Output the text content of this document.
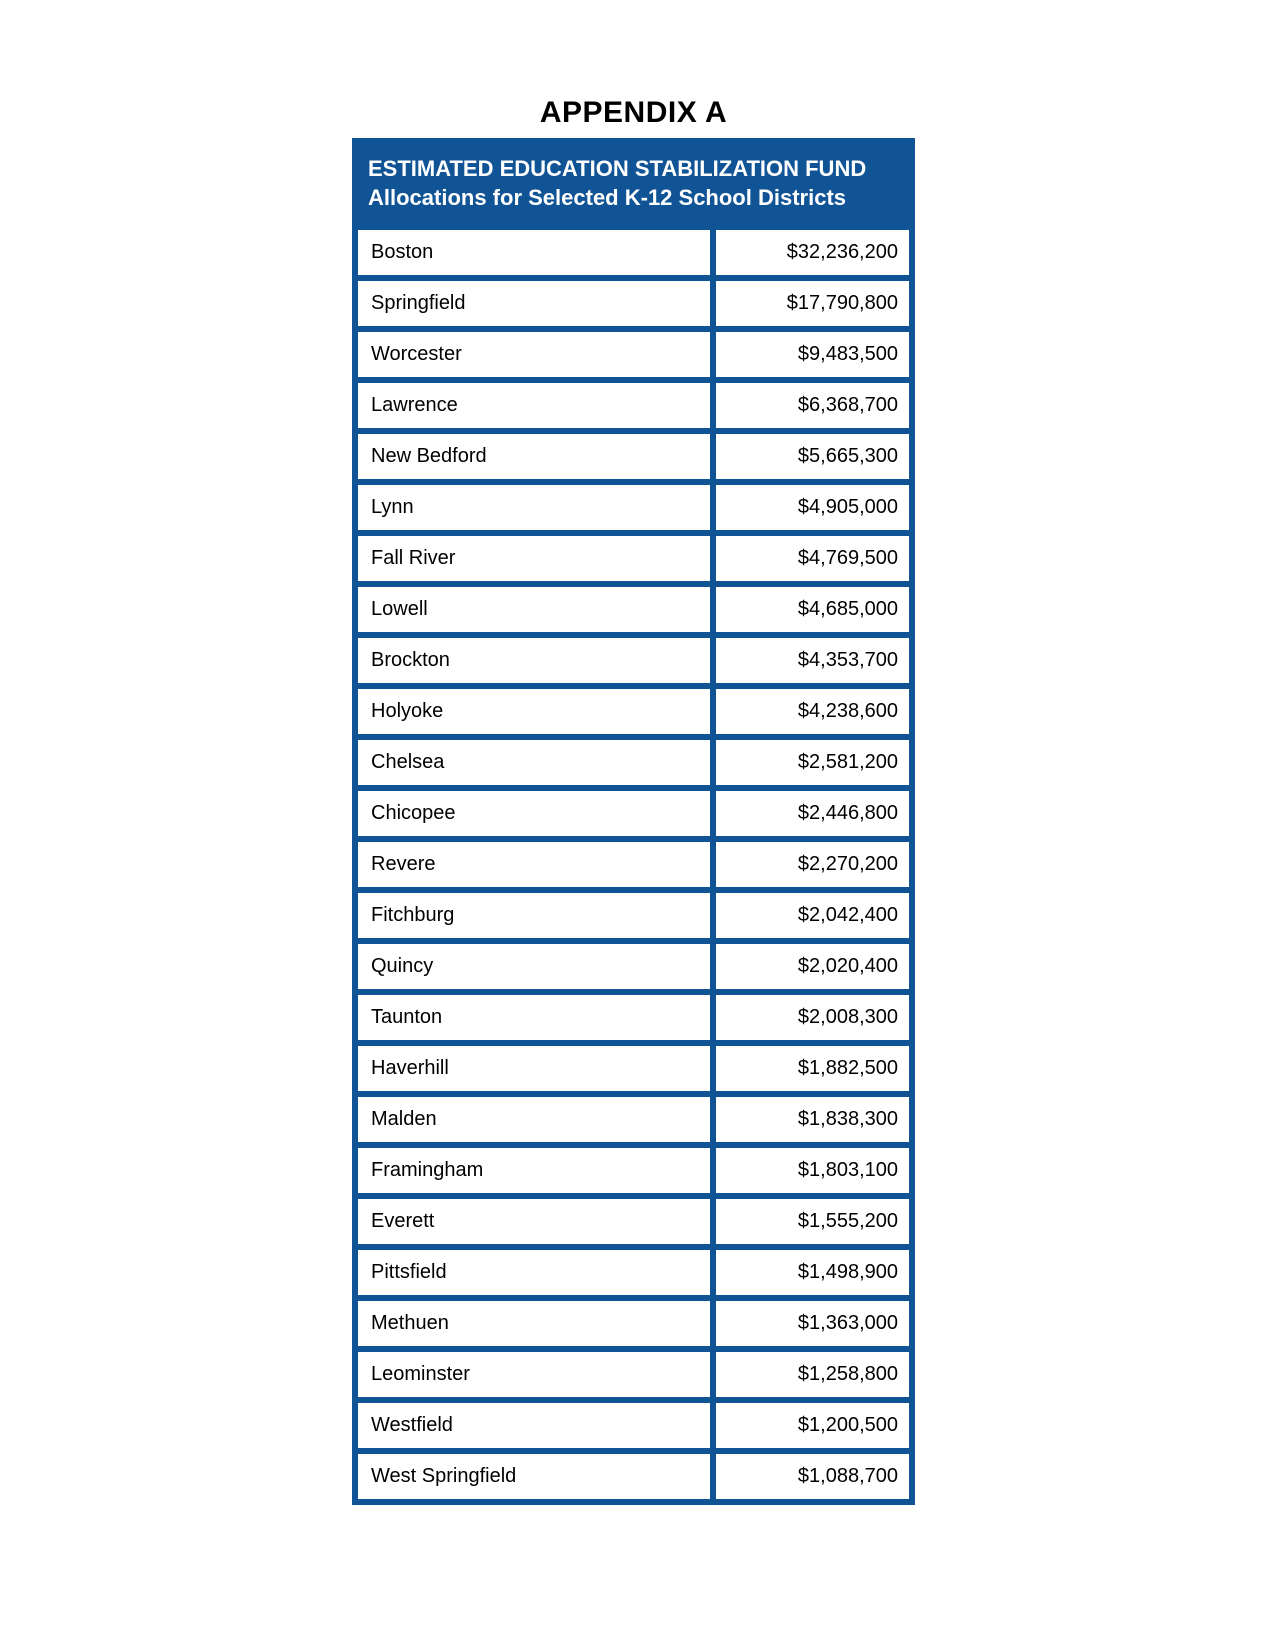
APPENDIX A
ESTIMATED EDUCATION STABILIZATION FUND
Allocations for Selected K-12 School Districts
Boston	$32,236,200
Springfield	$17,790,800
Worcester	$9,483,500
Lawrence	$6,368,700
New Bedford	$5,665,300
Lynn	$4,905,000
Fall River	$4,769,500
Lowell	$4,685,000
Brockton	$4,353,700
Holyoke	$4,238,600
Chelsea	$2,581,200
Chicopee	$2,446,800
Revere	$2,270,200
Fitchburg	$2,042,400
Quincy	$2,020,400
Taunton	$2,008,300
Haverhill	$1,882,500
Malden	$1,838,300
Framingham	$1,803,100
Everett	$1,555,200
Pittsfield	$1,498,900
Methuen	$1,363,000
Leominster	$1,258,800
Westfield	$1,200,500
West Springfield	$1,088,700
